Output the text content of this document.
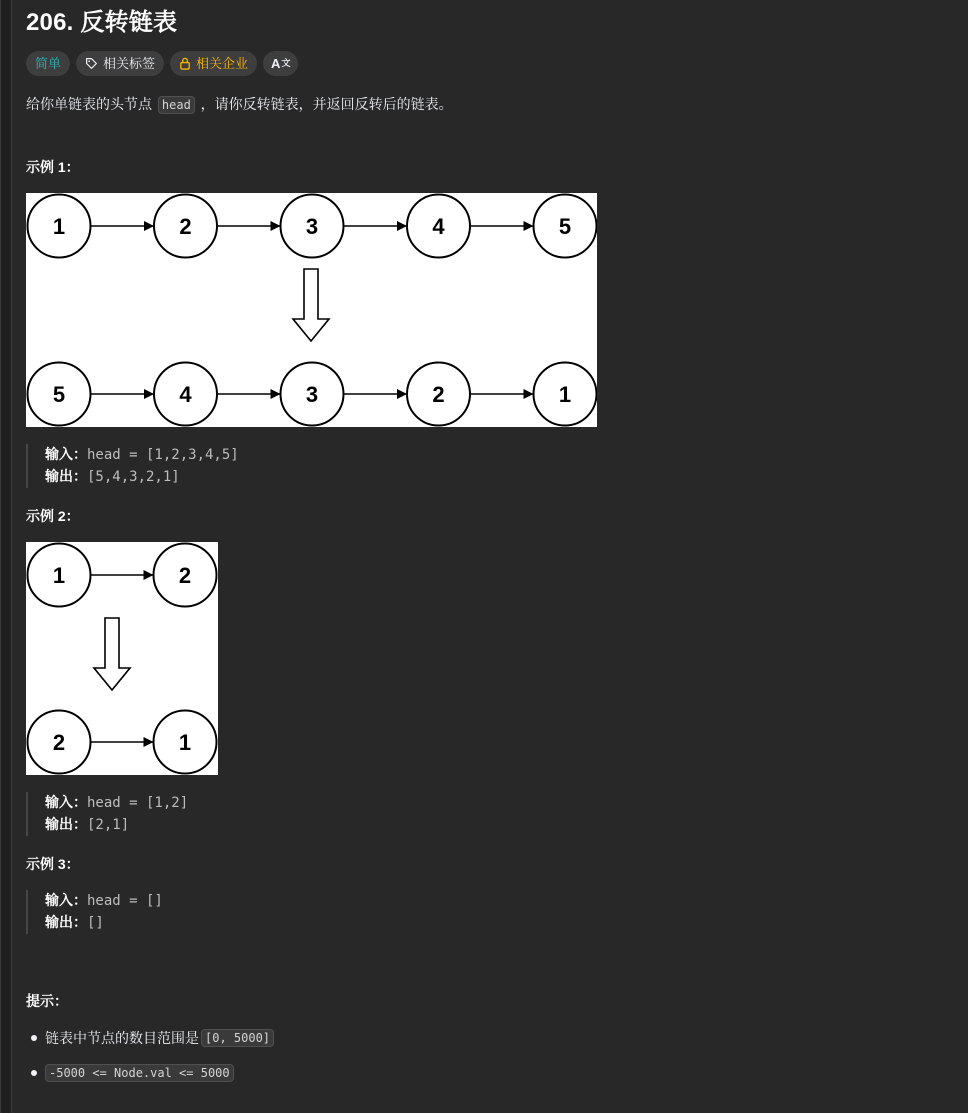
206. 反转链表
简单	相关标签	相关企业 A 文
给你单链表的头节点 head ，请你反转链表，并返回反转后的链表。
示例 1：
1	2	3	4	5
5	4	3	2	1
输入：head = [1,2,3,4,5]
输出：[5,4,3,2,1]
示例 2：
1	2
2	1
输入：head = [1,2]
输出：[2,1]
示例 3：
输入：head = []
输出：[]
提示：
链表中节点的数目范围是 [0, 5000]
-5000 <= Node.val <= 5000
